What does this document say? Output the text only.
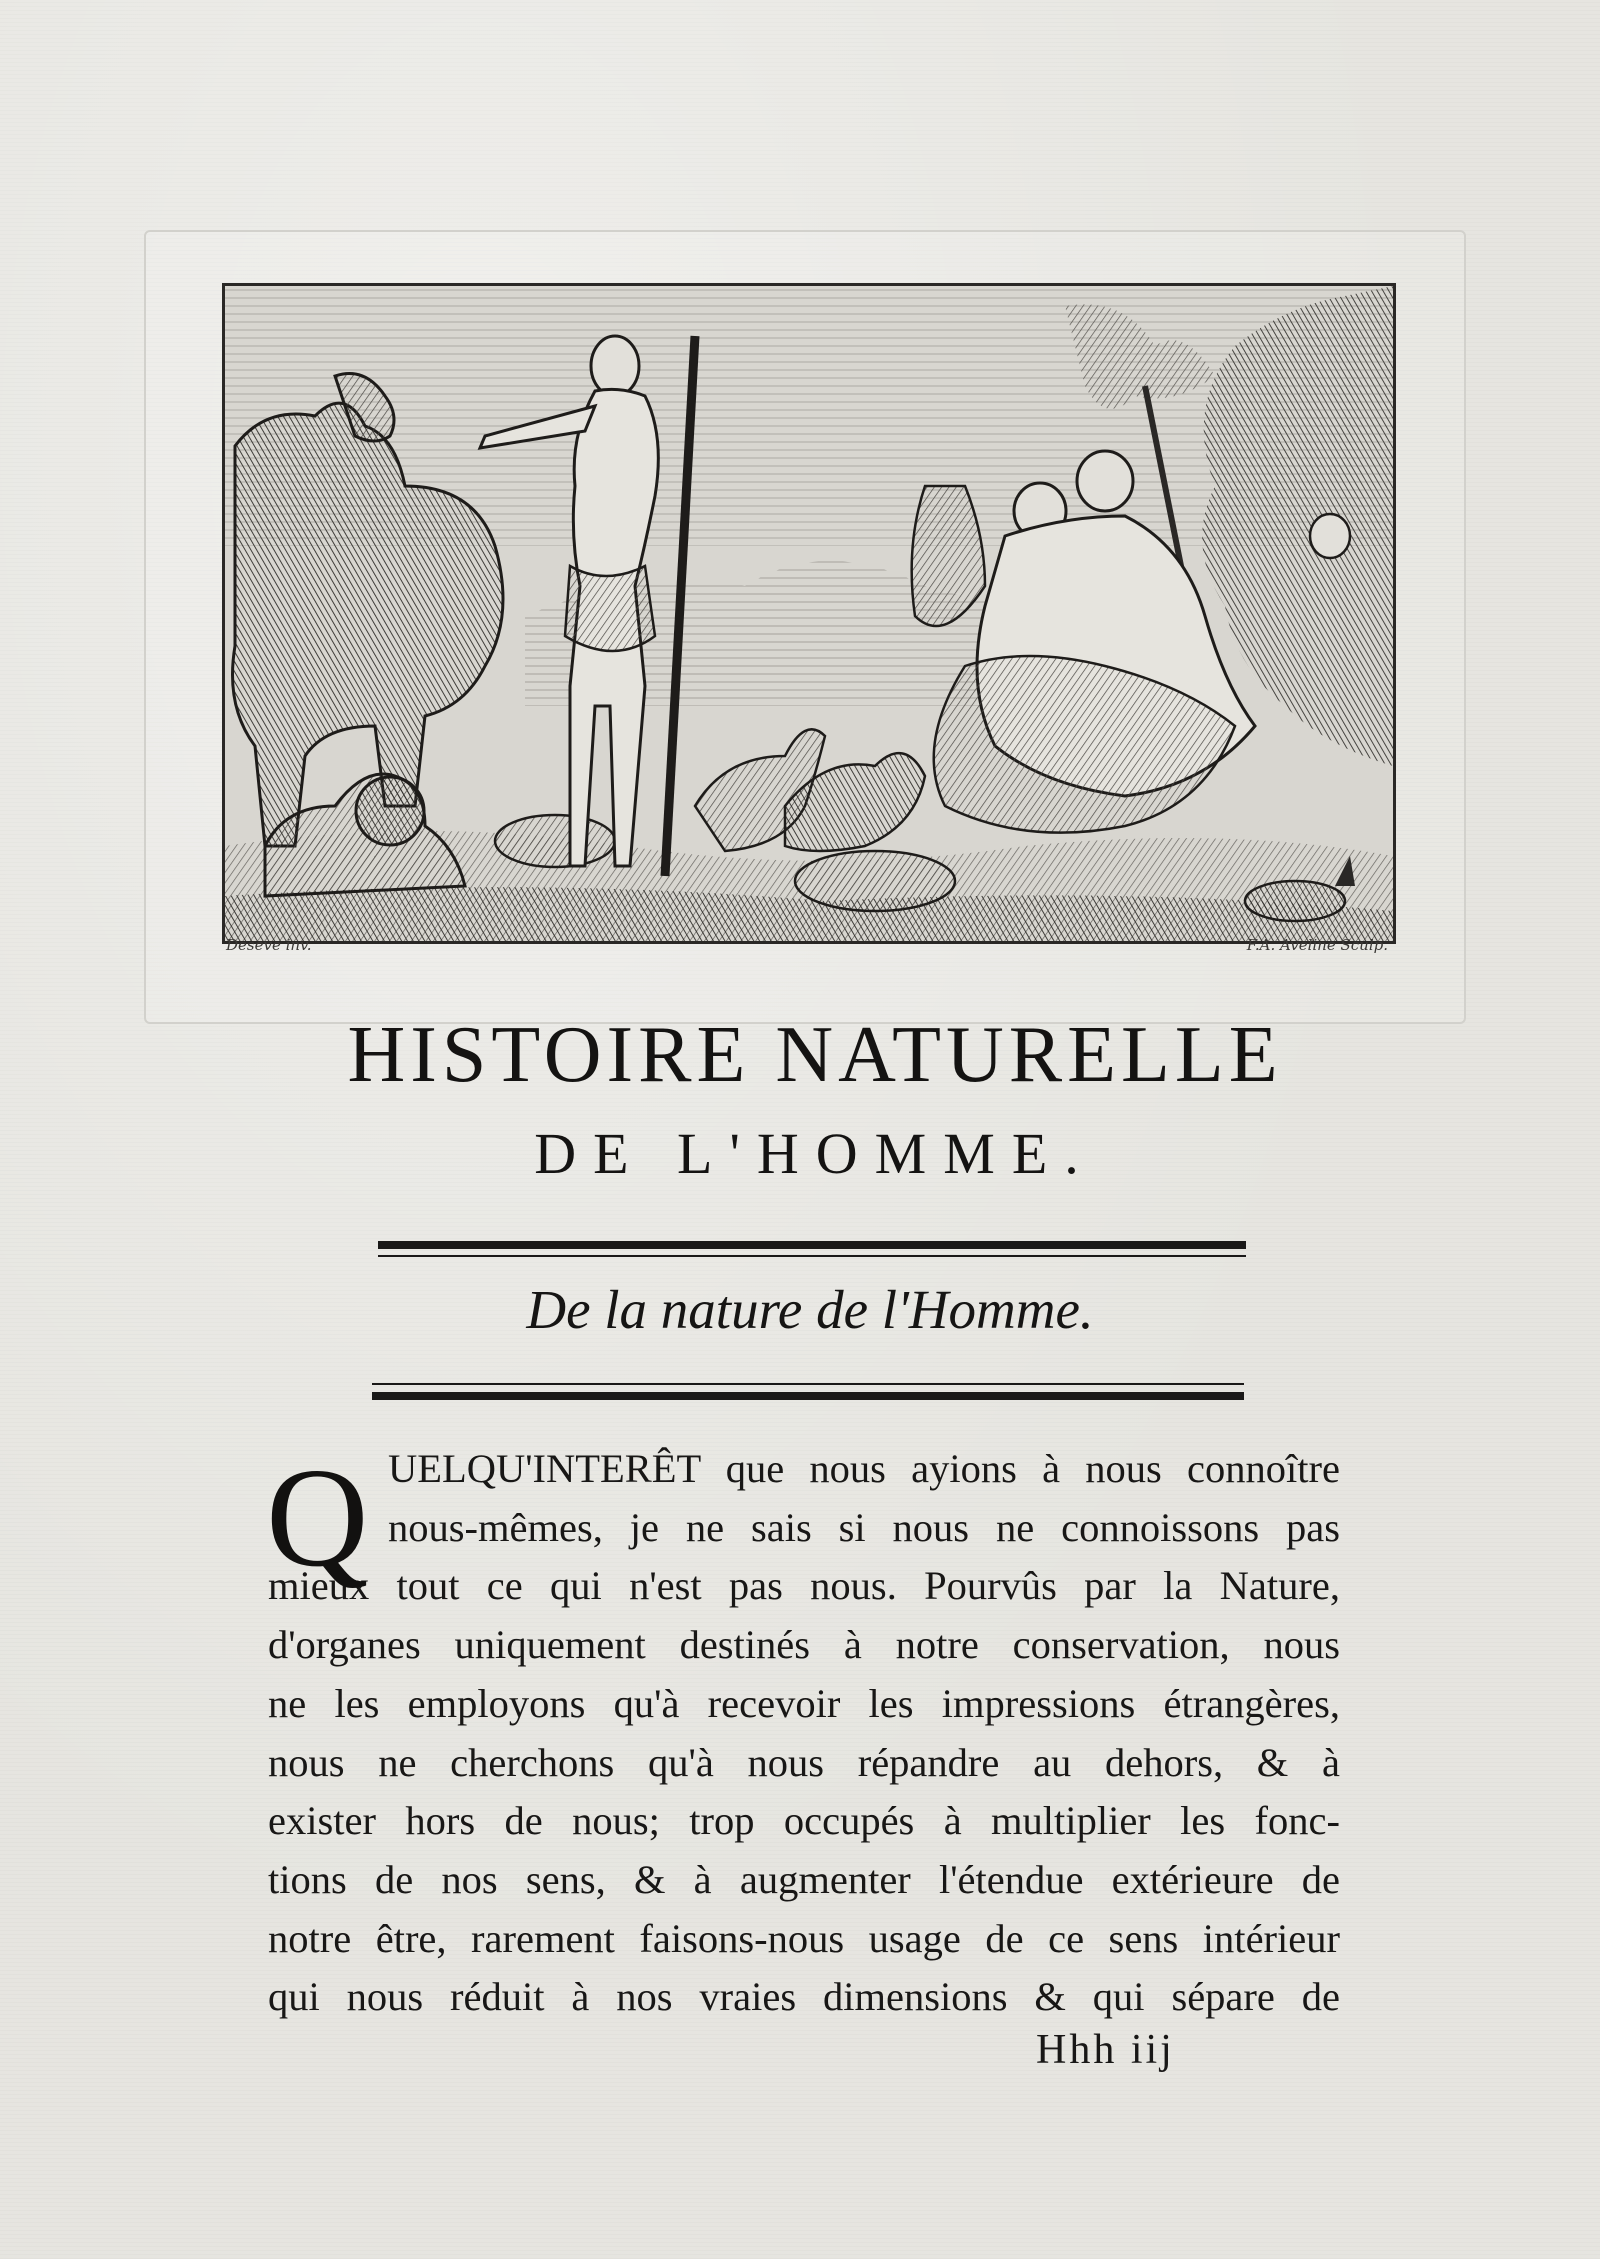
Deseve inv.	F.A. Aveline Sculp.
HISTOIRE NATURELLE
DE L'HOMME.
De la nature de l'Homme.
Q UELQU'INTERÊT que nous ayions à nous connoître
nous-mêmes, je ne sais si nous ne connoissons pas
mieux tout ce qui n'est pas nous. Pourvûs par la Nature,
d'organes uniquement destinés à notre conservation, nous
ne les employons qu'à recevoir les impressions étrangères,
nous ne cherchons qu'à nous répandre au dehors, & à
exister hors de nous; trop occupés à multiplier les fonc-
tions de nos sens, & à augmenter l'étendue extérieure de
notre être, rarement faisons-nous usage de ce sens intérieur
qui nous réduit à nos vraies dimensions & qui sépare de
Hhh iij
